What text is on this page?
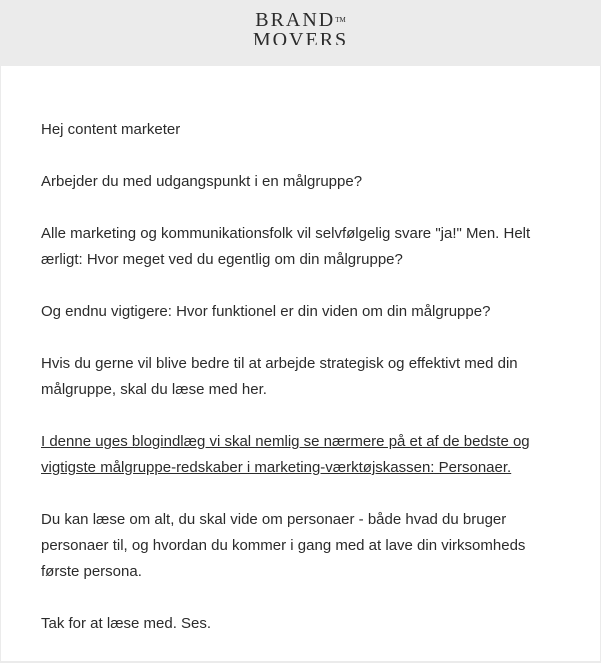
BRAND™
MOVERS

Hej content marketer

Arbejder du med udgangspunkt i en målgruppe?

Alle marketing og kommunikationsfolk vil selvfølgelig svare "ja!" Men. Helt ærligt: Hvor meget ved du egentlig om din målgruppe?

Og endnu vigtigere: Hvor funktionel er din viden om din målgruppe?

Hvis du gerne vil blive bedre til at arbejde strategisk og effektivt med din målgruppe, skal du læse med her.

I denne uges blogindlæg vi skal nemlig se nærmere på et af de bedste og vigtigste målgruppe-redskaber i marketing-værktøjskassen: Personaer.

Du kan læse om alt, du skal vide om personaer - både hvad du bruger personaer til, og hvordan du kommer i gang med at lave din virksomheds første persona.

Tak for at læse med. Ses.
